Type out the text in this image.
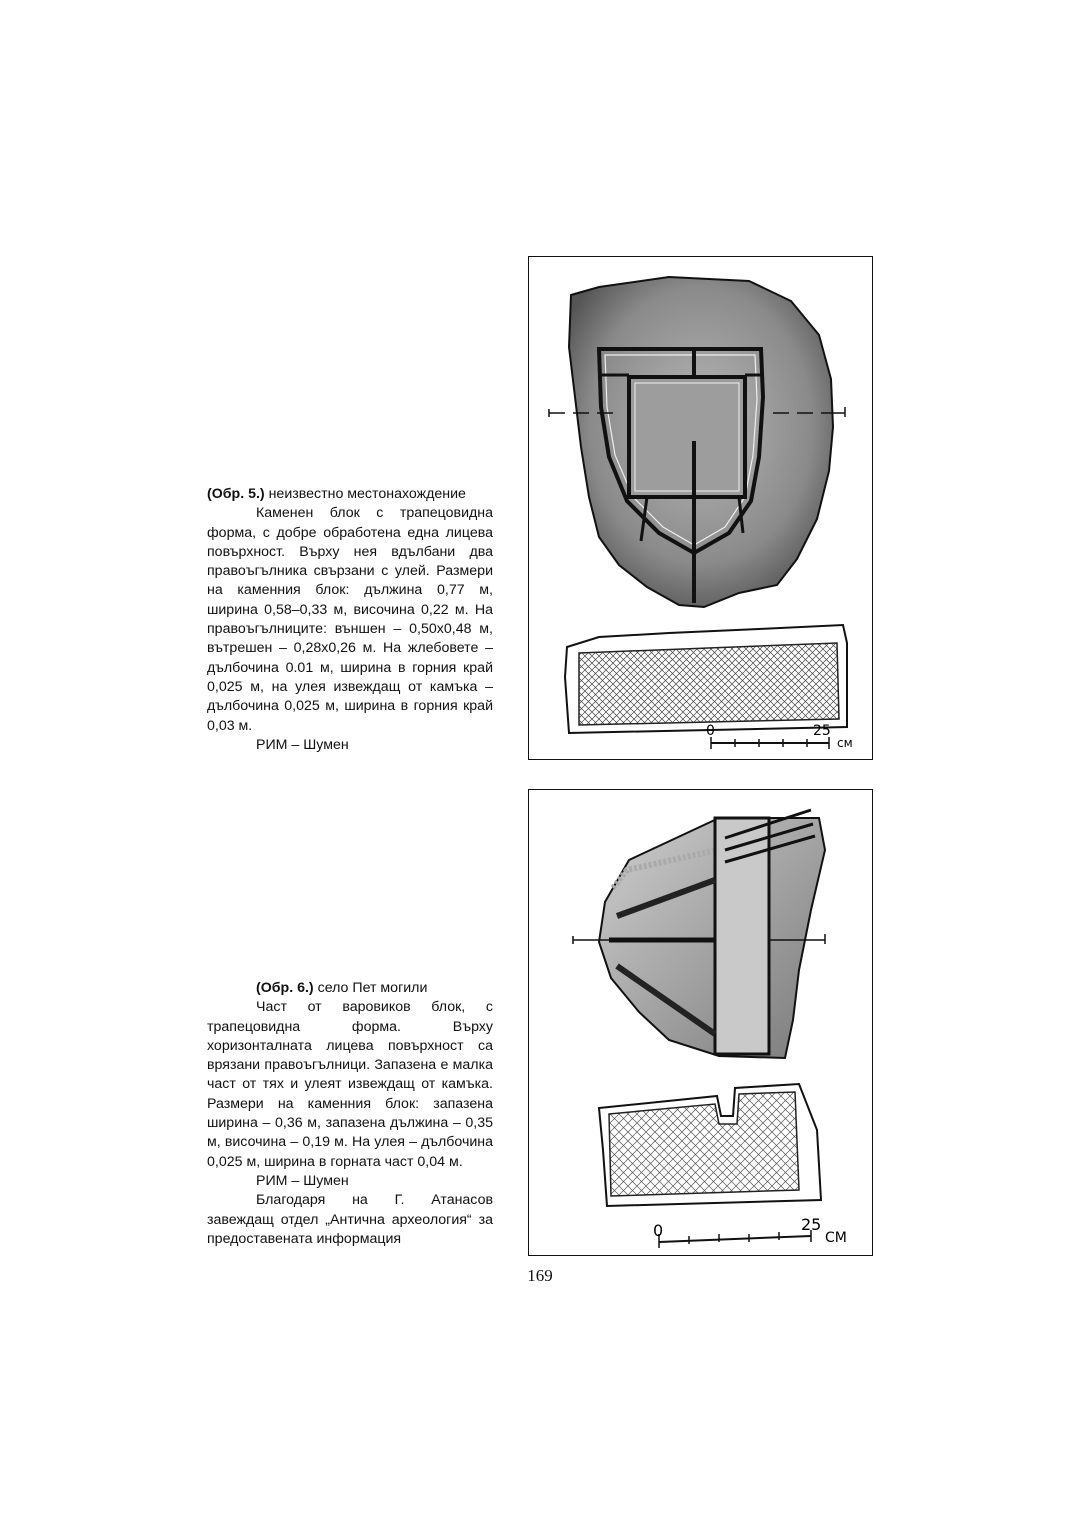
(Обр. 5.) неизвестно местонахождение

Каменен блок с трапецовидна форма, с добре обработена една лицева повърхност. Върху нея вдълбани два правоъгълника свързани с улей. Размери на каменния блок: дължина 0,77 м, ширина 0,58–0,33 м, височина 0,22 м. На правоъгълниците: външен – 0,50х0,48 м, вътрешен – 0,28х0,26 м. На жлебовете – дълбочина 0.01 м, ширина в горния край 0,025 м, на улея извеждащ от камъка – дълбочина 0,025 м, ширина в горния край 0,03 м.

РИМ – Шумен

0	25
см
0	25
СМ

(Обр. 6.) село Пет могили

Част от варовиков блок, с трапецовидна форма. Върху хоризонталната лицева повърхност са врязани правоъгълници. Запазена е малка част от тях и улеят извеждащ от камъка. Размери на каменния блок: запазена ширина – 0,36 м, запазена дължина – 0,35 м, височина – 0,19 м. На улея – дълбочина 0,025 м, ширина в горната част 0,04 м.

РИМ – Шумен

Благодаря на Г. Атанасов завеждащ отдел „Антична археология“ за предоставената информация

169
